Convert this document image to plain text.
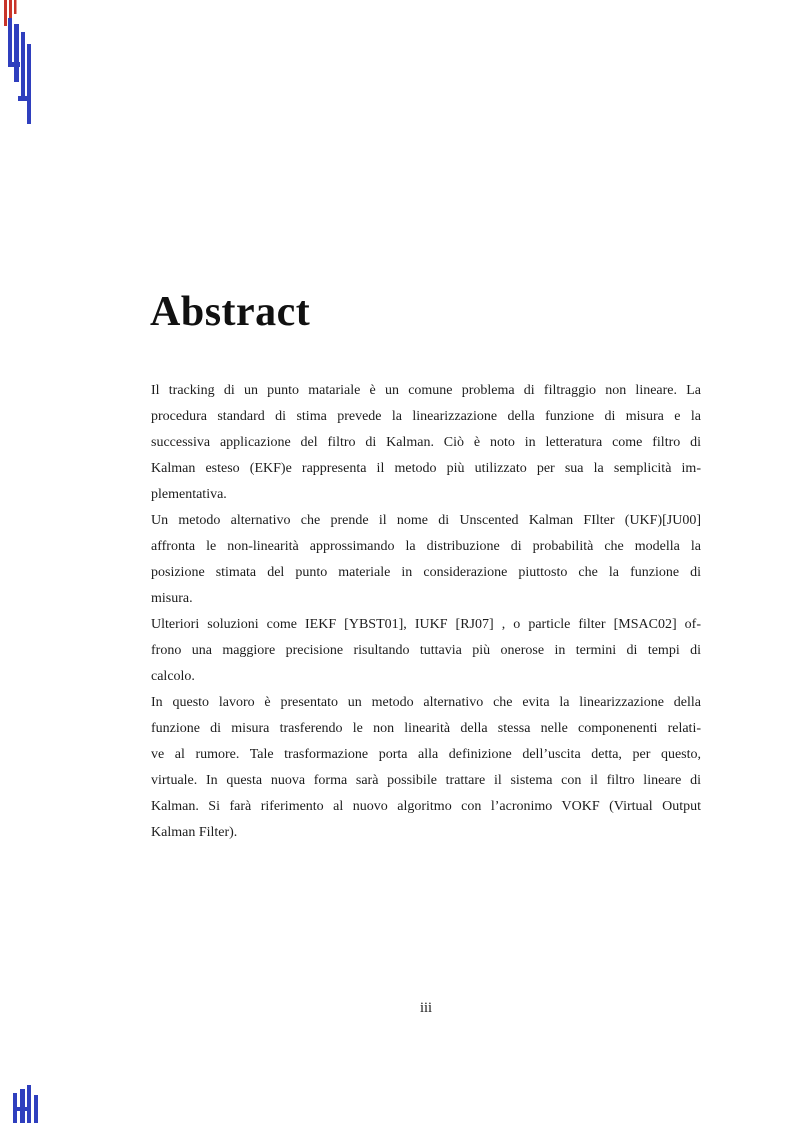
Abstract
Il tracking di un punto matariale è un comune problema di filtraggio non lineare. La
procedura standard di stima prevede la linearizzazione della funzione di misura e la
successiva applicazione del filtro di Kalman. Ciò è noto in letteratura come filtro di
Kalman esteso (EKF)e rappresenta il metodo più utilizzato per sua la semplicità im-
plementativa.
Un metodo alternativo che prende il nome di Unscented Kalman FIlter (UKF)[JU00]
affronta le non-linearità approssimando la distribuzione di probabilità che modella la
posizione stimata del punto materiale in considerazione piuttosto che la funzione di
misura.
Ulteriori soluzioni come IEKF [YBST01], IUKF [RJ07] , o particle filter [MSAC02] of-
frono una maggiore precisione risultando tuttavia più onerose in termini di tempi di
calcolo.
In questo lavoro è presentato un metodo alternativo che evita la linearizzazione della
funzione di misura trasferendo le non linearità della stessa nelle componenenti relati-
ve al rumore. Tale trasformazione porta alla definizione dell’uscita detta, per questo,
virtuale. In questa nuova forma sarà possibile trattare il sistema con il filtro lineare di
Kalman. Si farà riferimento al nuovo algoritmo con l’acronimo VOKF (Virtual Output
Kalman Filter).
iii
